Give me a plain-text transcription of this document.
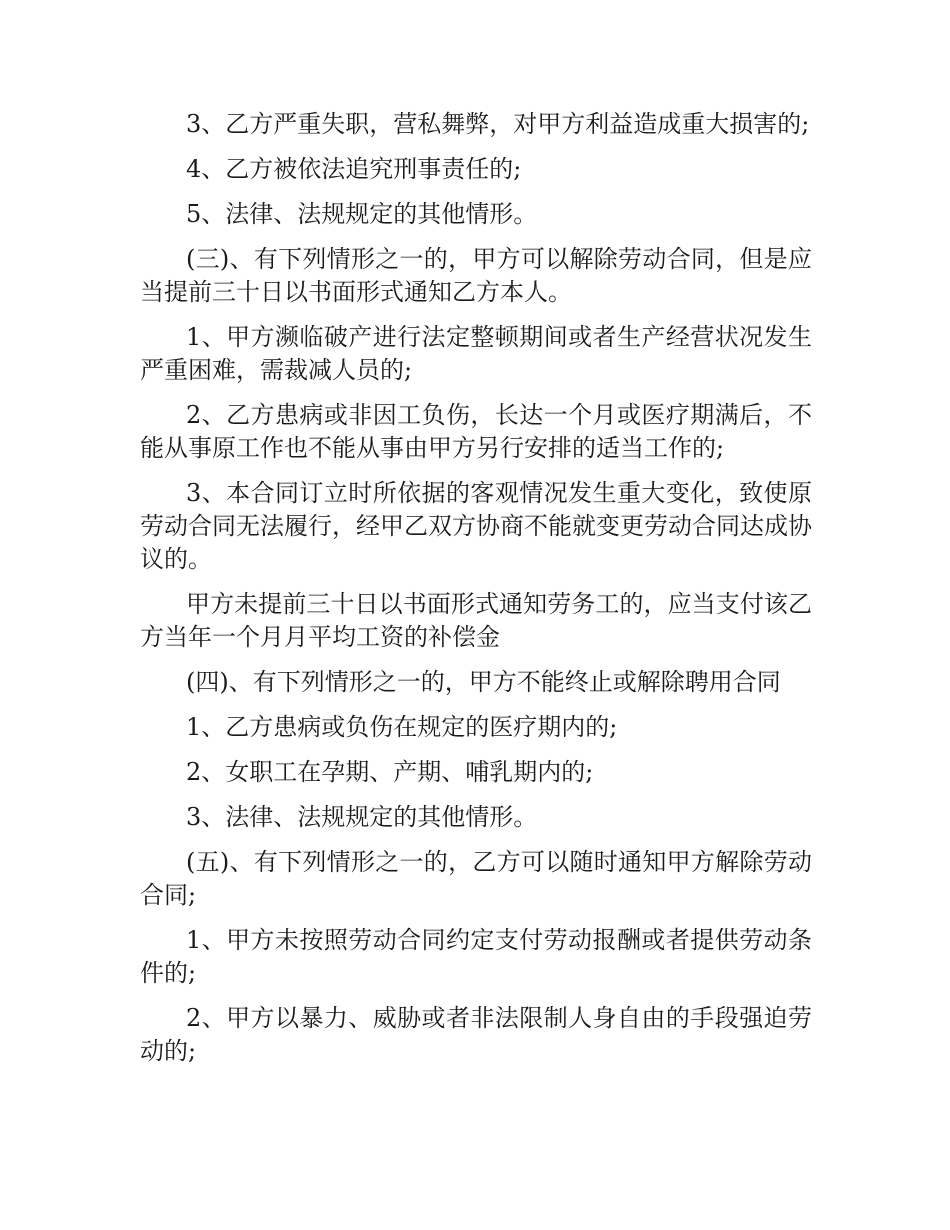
3、乙方严重失职，营私舞弊，对甲方利益造成重大损害的;

4、乙方被依法追究刑事责任的;

5、法律、法规规定的其他情形。

(三)、有下列情形之一的，甲方可以解除劳动合同，但是应当提前三十日以书面形式通知乙方本人。

1、甲方濒临破产进行法定整顿期间或者生产经营状况发生严重困难，需裁减人员的;

2、乙方患病或非因工负伤，长达一个月或医疗期满后，不能从事原工作也不能从事由甲方另行安排的适当工作的;

3、本合同订立时所依据的客观情况发生重大变化，致使原劳动合同无法履行，经甲乙双方协商不能就变更劳动合同达成协议的。

甲方未提前三十日以书面形式通知劳务工的，应当支付该乙方当年一个月月平均工资的补偿金

(四)、有下列情形之一的，甲方不能终止或解除聘用合同

1、乙方患病或负伤在规定的医疗期内的;

2、女职工在孕期、产期、哺乳期内的;

3、法律、法规规定的其他情形。

(五)、有下列情形之一的，乙方可以随时通知甲方解除劳动合同;

1、甲方未按照劳动合同约定支付劳动报酬或者提供劳动条件的;

2、甲方以暴力、威胁或者非法限制人身自由的手段强迫劳动的;
